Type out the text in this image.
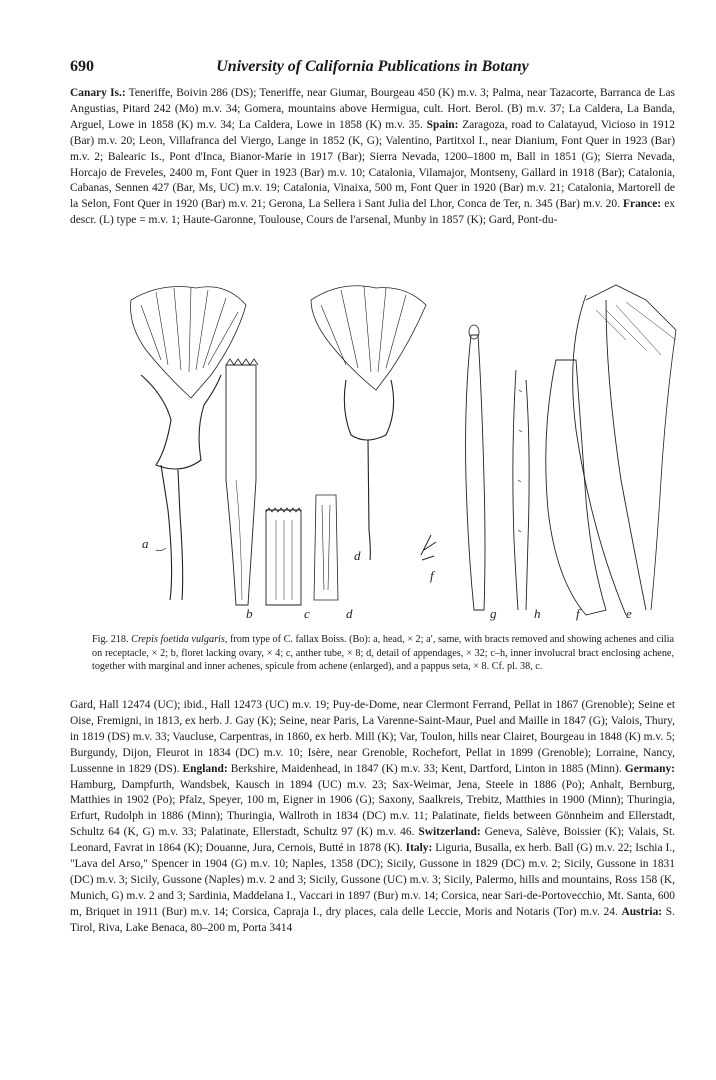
690	University of California Publications in Botany
Canary Is.: Teneriffe, Boivin 286 (DS); Teneriffe, near Giumar, Bourgeau 450 (K) m.v. 3; Palma, near Tazacorte, Barranca de Las Angustias, Pitard 242 (Mo) m.v. 34; Gomera, mountains above Hermigua, cult. Hort. Berol. (B) m.v. 37; La Caldera, La Banda, Arguel, Lowe in 1858 (K) m.v. 34; La Caldera, Lowe in 1858 (K) m.v. 35. Spain: Zaragoza, road to Calatayud, Vicioso in 1912 (Bar) m.v. 20; Leon, Villafranca del Viergo, Lange in 1852 (K, G); Valentino, Partitxol I., near Dianium, Font Quer in 1923 (Bar) m.v. 2; Balearic Is., Pont d'Inca, Bianor-Marie in 1917 (Bar); Sierra Nevada, 1200–1800 m, Ball in 1851 (G); Sierra Nevada, Horcajo de Freveles, 2400 m, Font Quer in 1923 (Bar) m.v. 10; Catalonia, Vilamajor, Montseny, Gallard in 1918 (Bar); Catalonia, Cabanas, Sennen 427 (Bar, Ms, UC) m.v. 19; Catalonia, Vinaixa, 500 m, Font Quer in 1920 (Bar) m.v. 21; Catalonia, Martorell de la Selon, Font Quer in 1920 (Bar) m.v. 21; Gerona, La Sellera i Sant Julia del Lhor, Conca de Ter, n. 345 (Bar) m.v. 20. France: ex descr. (L) type = m.v. 1; Haute-Garonne, Toulouse, Cours de l'arsenal, Munby in 1857 (K); Gard, Pont-du-
a
b	c	d
d
f
g	h	f	e
Fig. 218. Crepis foetida vulgaris, from type of C. fallax Boiss. (Bo): a, head, × 2; a′, same, with bracts removed and showing achenes and cilia on receptacle, × 2; b, floret lacking ovary, × 4; c, anther tube, × 8; d, detail of appendages, × 32; c–h, inner involucral bract enclosing achene, together with marginal and inner achenes, spicule from achene (enlarged), and a pappus seta, × 8. Cf. pl. 38, c.
Gard, Hall 12474 (UC); ibid., Hall 12473 (UC) m.v. 19; Puy-de-Dome, near Clermont Ferrand, Pellat in 1867 (Grenoble); Seine et Oise, Fremigni, in 1813, ex herb. J. Gay (K); Seine, near Paris, La Varenne-Saint-Maur, Puel and Maille in 1847 (G); Valois, Thury, in 1819 (DS) m.v. 33; Vaucluse, Carpentras, in 1860, ex herb. Mill (K); Var, Toulon, hills near Clairet, Bourgeau in 1848 (K) m.v. 5; Burgundy, Dijon, Fleurot in 1834 (DC) m.v. 10; Isère, near Grenoble, Rochefort, Pellat in 1899 (Grenoble); Lorraine, Nancy, Lussenne in 1829 (DS). England: Berkshire, Maidenhead, in 1847 (K) m.v. 33; Kent, Dartford, Linton in 1885 (Minn). Germany: Hamburg, Dampfurth, Wandsbek, Kausch in 1894 (UC) m.v. 23; Sax-Weimar, Jena, Steele in 1886 (Po); Anhalt, Bernburg, Matthies in 1902 (Po); Pfalz, Speyer, 100 m, Eigner in 1906 (G); Saxony, Saalkreis, Trebitz, Matthies in 1900 (Minn); Thuringia, Erfurt, Rudolph in 1886 (Minn); Thuringia, Wallroth in 1834 (DC) m.v. 11; Palatinate, fields between Gönnheim and Ellerstadt, Schultz 64 (K, G) m.v. 33; Palatinate, Ellerstadt, Schultz 97 (K) m.v. 46. Switzerland: Geneva, Salève, Boissier (K); Valais, St. Leonard, Favrat in 1864 (K); Douanne, Jura, Cernois, Butté in 1878 (K). Italy: Liguria, Busalla, ex herb. Ball (G) m.v. 22; Ischia I., "Lava del Arso," Spencer in 1904 (G) m.v. 10; Naples, 1358 (DC); Sicily, Gussone in 1829 (DC) m.v. 2; Sicily, Gussone in 1831 (DC) m.v. 3; Sicily, Gussone (Naples) m.v. 2 and 3; Sicily, Gussone (UC) m.v. 3; Sicily, Palermo, hills and mountains, Ross 158 (K, Munich, G) m.v. 2 and 3; Sardinia, Maddelana I., Vaccari in 1897 (Bur) m.v. 14; Corsica, near Sari-de-Portovecchio, Mt. Santa, 600 m, Briquet in 1911 (Bur) m.v. 14; Corsica, Capraja I., dry places, cala delle Leccie, Moris and Notaris (Tor) m.v. 24. Austria: S. Tirol, Riva, Lake Benaca, 80–200 m, Porta 3414
